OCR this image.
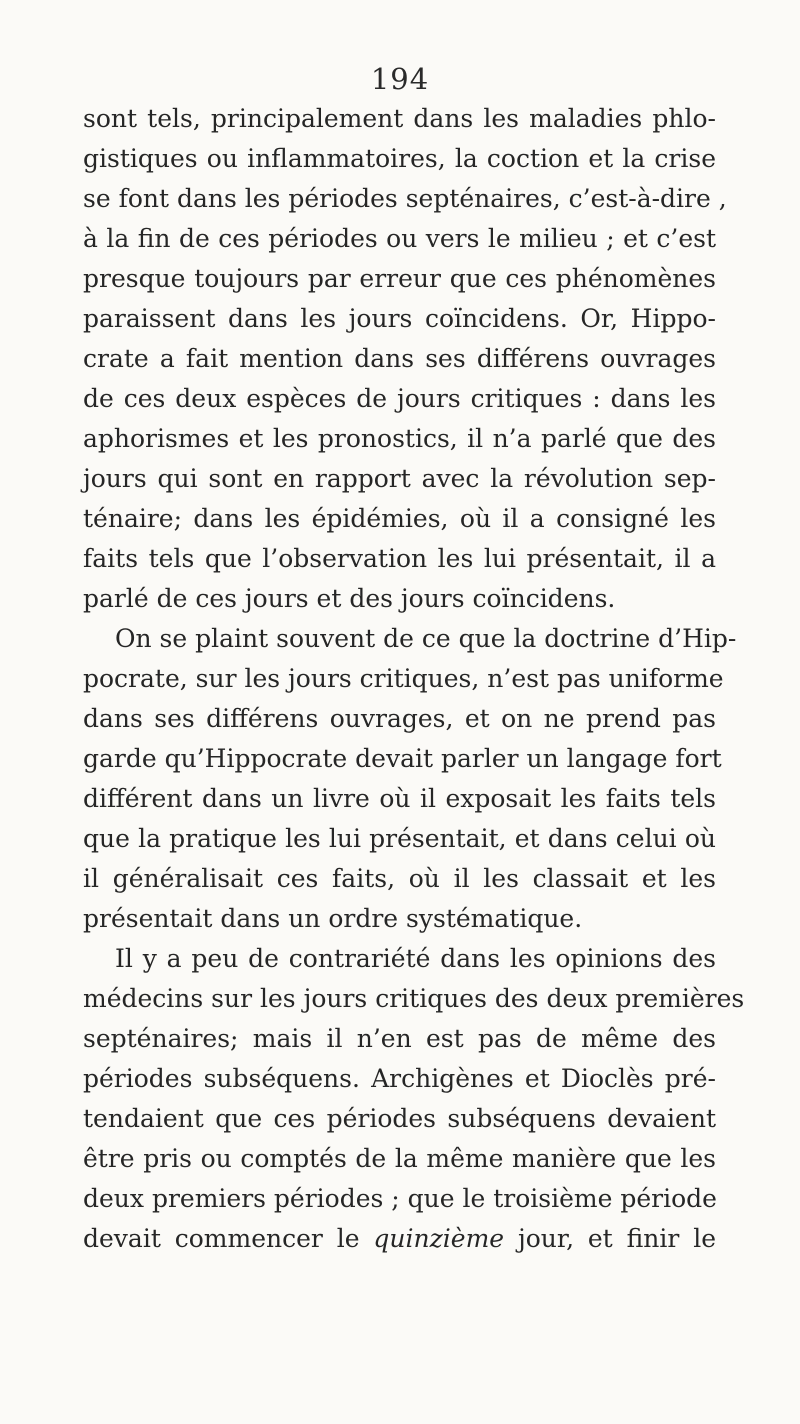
194
sont tels, principalement dans les maladies phlo-
gistiques ou inflammatoires, la coction et la crise
se font dans les périodes septénaires, c’est-à-dire ,
à la fin de ces périodes ou vers le milieu ; et c’est
presque toujours par erreur que ces phénomènes
paraissent dans les jours coïncidens. Or, Hippo-
crate a fait mention dans ses différens ouvrages
de ces deux espèces de jours critiques : dans les
aphorismes et les pronostics, il n’a parlé que des
jours qui sont en rapport avec la révolution sep-
ténaire; dans les épidémies, où il a consigné les
faits tels que l’observation les lui présentait, il a
parlé de ces jours et des jours coïncidens.
On se plaint souvent de ce que la doctrine d’Hip-
pocrate, sur les jours critiques, n’est pas uniforme
dans ses différens ouvrages, et on ne prend pas
garde qu’Hippocrate devait parler un langage fort
différent dans un livre où il exposait les faits tels
que la pratique les lui présentait, et dans celui où
il généralisait ces faits, où il les classait et les
présentait dans un ordre systématique.
Il y a peu de contrariété dans les opinions des
médecins sur les jours critiques des deux premières
septénaires; mais il n’en est pas de même des
périodes subséquens. Archigènes et Dioclès pré-
tendaient que ces périodes subséquens devaient
être pris ou comptés de la même manière que les
deux premiers périodes ; que le troisième période
devait commencer le quinzième jour, et finir le
